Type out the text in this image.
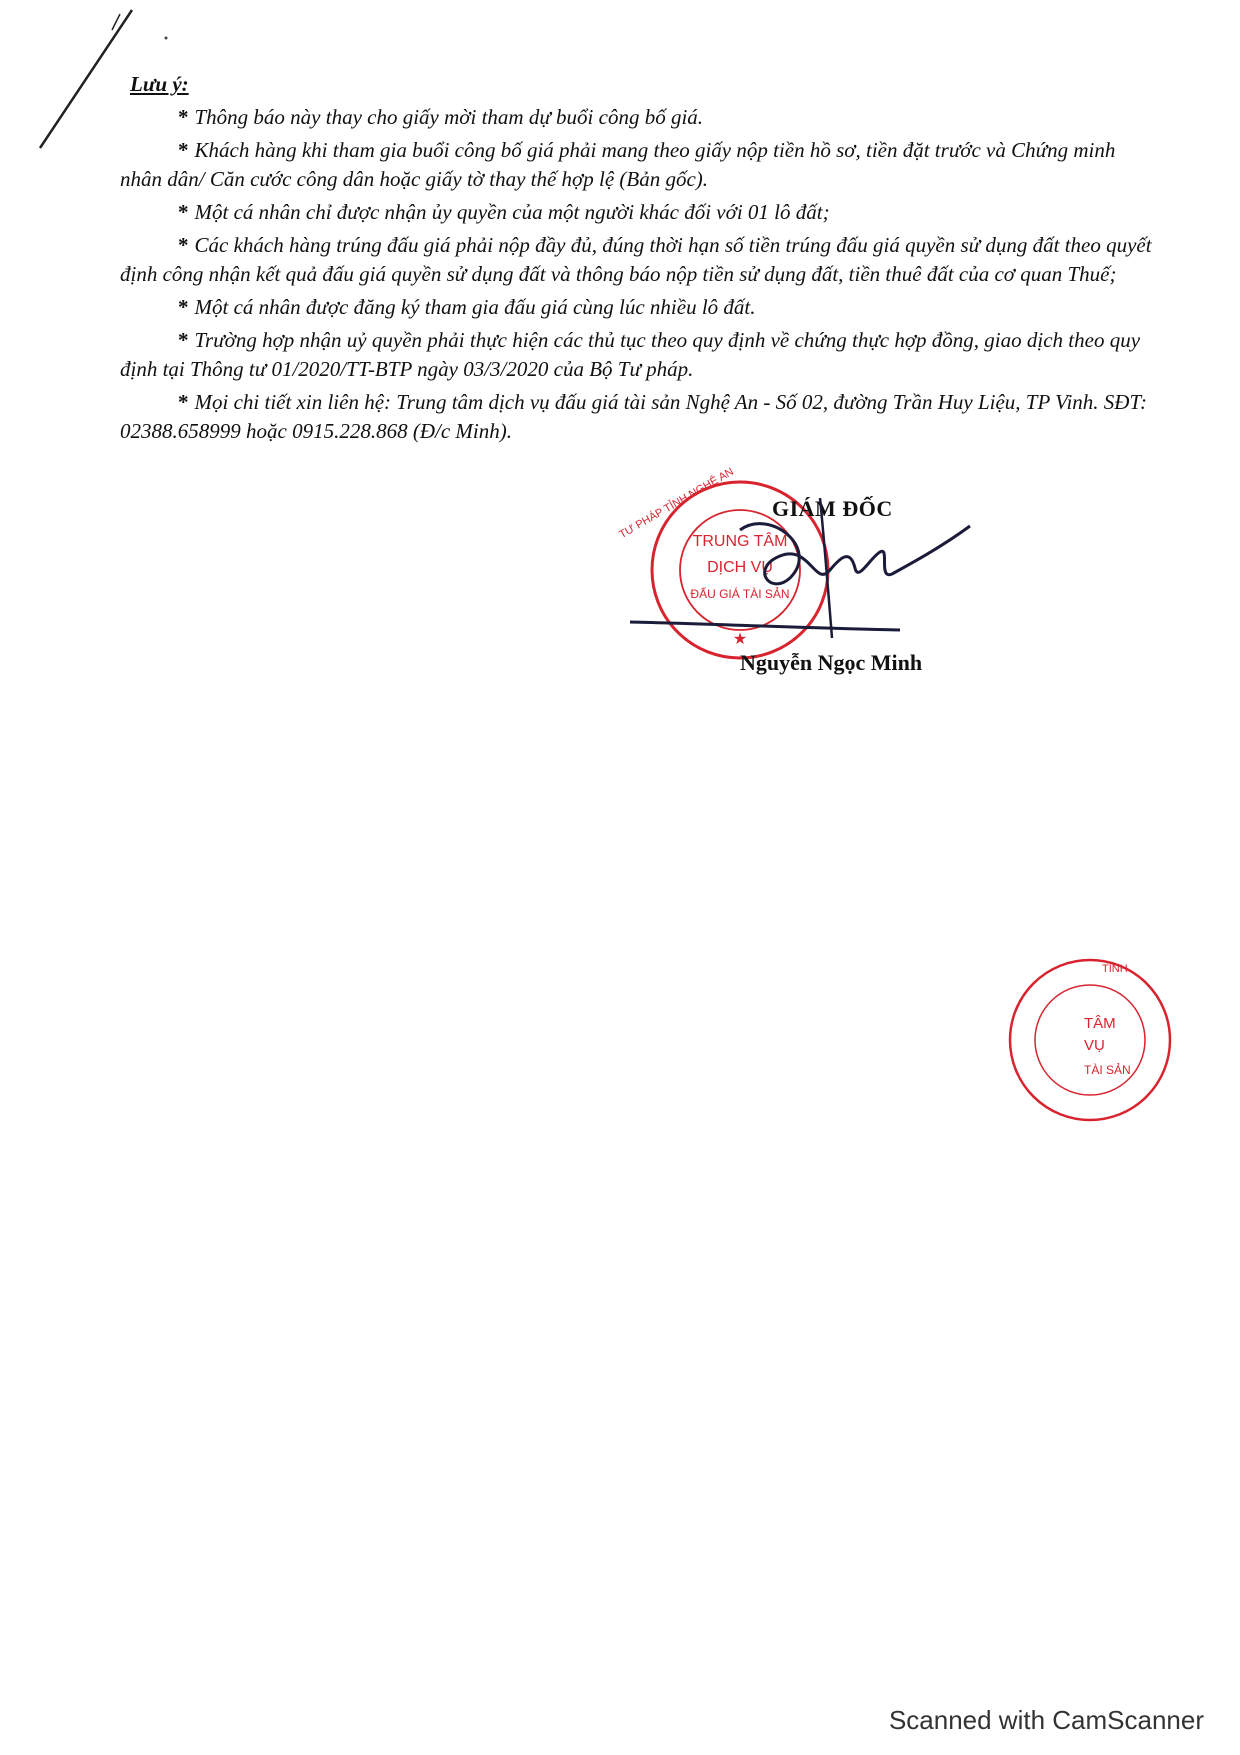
Lưu ý:

* Thông báo này thay cho giấy mời tham dự buổi công bố giá.

* Khách hàng khi tham gia buổi công bố giá phải mang theo giấy nộp tiền hồ sơ, tiền đặt trước và Chứng minh nhân dân/ Căn cước công dân hoặc giấy tờ thay thế hợp lệ (Bản gốc).

* Một cá nhân chỉ được nhận ủy quyền của một người khác đối với 01 lô đất;

* Các khách hàng trúng đấu giá phải nộp đầy đủ, đúng thời hạn số tiền trúng đấu giá quyền sử dụng đất theo quyết định công nhận kết quả đấu giá quyền sử dụng đất và thông báo nộp tiền sử dụng đất, tiền thuê đất của cơ quan Thuế;

* Một cá nhân được đăng ký tham gia đấu giá cùng lúc nhiều lô đất.

* Trường hợp nhận uỷ quyền phải thực hiện các thủ tục theo quy định về chứng thực hợp đồng, giao dịch theo quy định tại Thông tư 01/2020/TT-BTP ngày 03/3/2020 của Bộ Tư pháp.

* Mọi chi tiết xin liên hệ: Trung tâm dịch vụ đấu giá tài sản Nghệ An - Số 02, đường Trần Huy Liệu, TP Vinh. SĐT: 02388.658999 hoặc 0915.228.868 (Đ/c Minh).

TRUNG TÂM
DỊCH VỤ
ĐẤU GIÁ TÀI SẢN
TƯ PHÁP TỈNH NGHỆ AN
★
GIÁM ĐỐC
Nguyễn Ngọc Minh
TÂM
VỤ
TÀI SẢN
TỈNH
Scanned with CamScanner
